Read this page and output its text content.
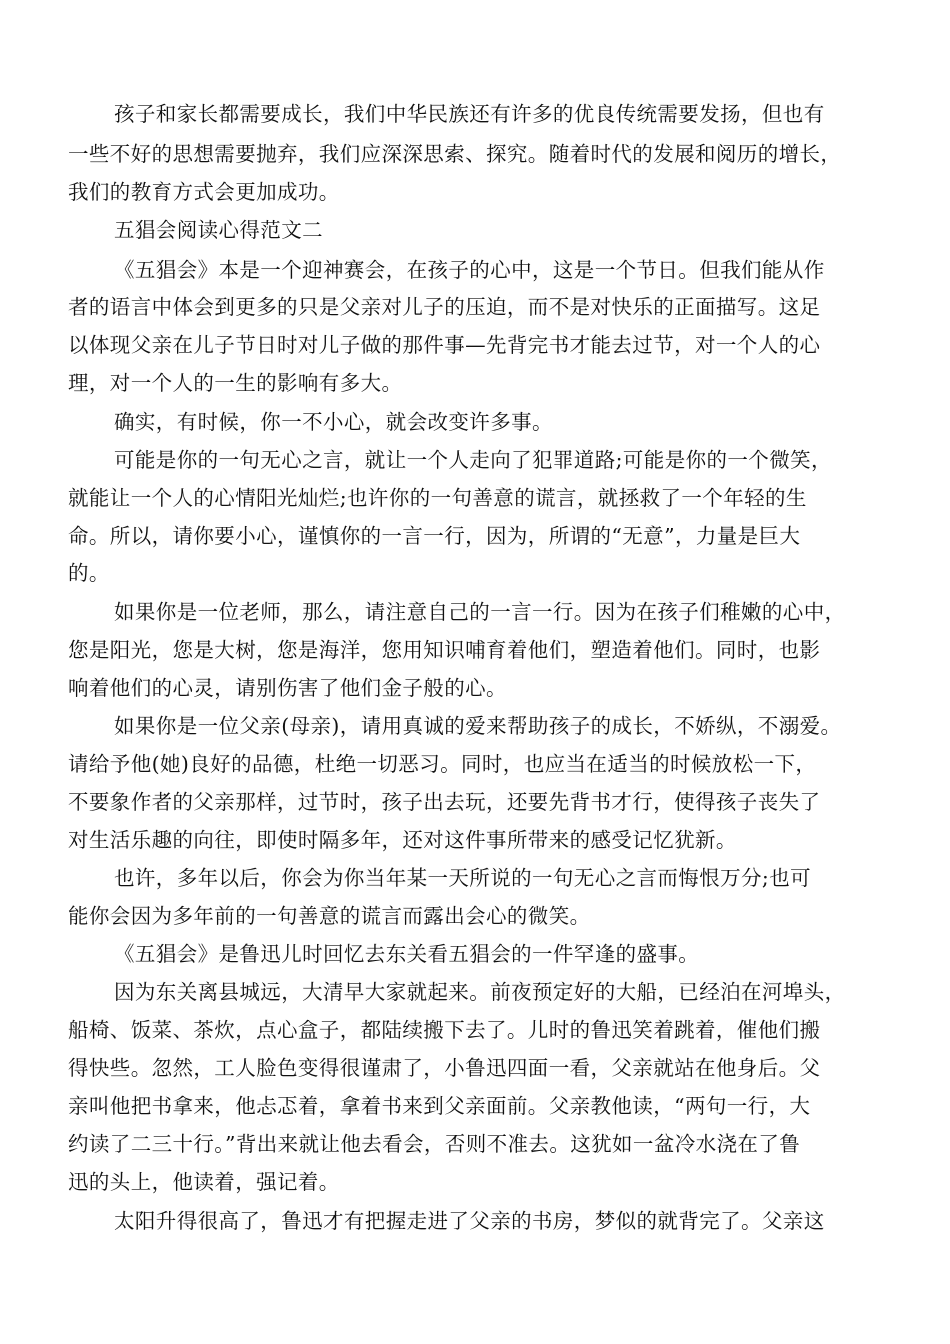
孩子和家长都需要成长，我们中华民族还有许多的优良传统需要发扬，但也有

一些不好的思想需要抛弃，我们应深深思索、探究。随着时代的发展和阅历的增长，

我们的教育方式会更加成功。

五猖会阅读心得范文二

《五猖会》本是一个迎神赛会，在孩子的心中，这是一个节日。但我们能从作

者的语言中体会到更多的只是父亲对儿子的压迫，而不是对快乐的正面描写。这足

以体现父亲在儿子节日时对儿子做的那件事—先背完书才能去过节，对一个人的心

理，对一个人的一生的影响有多大。

确实，有时候，你一不小心，就会改变许多事。

可能是你的一句无心之言，就让一个人走向了犯罪道路;可能是你的一个微笑，

就能让一个人的心情阳光灿烂;也许你的一句善意的谎言，就拯救了一个年轻的生

命。所以，请你要小心，谨慎你的一言一行，因为，所谓的“无意”，力量是巨大

的。

如果你是一位老师，那么，请注意自己的一言一行。因为在孩子们稚嫩的心中，

您是阳光，您是大树，您是海洋，您用知识哺育着他们，塑造着他们。同时，也影

响着他们的心灵，请别伤害了他们金子般的心。

如果你是一位父亲(母亲)，请用真诚的爱来帮助孩子的成长，不娇纵，不溺爱。

请给予他(她)良好的品德，杜绝一切恶习。同时，也应当在适当的时候放松一下，

不要象作者的父亲那样，过节时，孩子出去玩，还要先背书才行，使得孩子丧失了

对生活乐趣的向往，即使时隔多年，还对这件事所带来的感受记忆犹新。

也许，多年以后，你会为你当年某一天所说的一句无心之言而悔恨万分;也可

能你会因为多年前的一句善意的谎言而露出会心的微笑。

《五猖会》是鲁迅儿时回忆去东关看五猖会的一件罕逢的盛事。

因为东关离县城远，大清早大家就起来。前夜预定好的大船，已经泊在河埠头，

船椅、饭菜、茶炊，点心盒子，都陆续搬下去了。儿时的鲁迅笑着跳着，催他们搬

得快些。忽然，工人脸色变得很谨肃了，小鲁迅四面一看，父亲就站在他身后。父

亲叫他把书拿来，他忐忑着，拿着书来到父亲面前。父亲教他读，“两句一行，大

约读了二三十行。”背出来就让他去看会，否则不准去。这犹如一盆冷水浇在了鲁

迅的头上，他读着，强记着。

太阳升得很高了，鲁迅才有把握走进了父亲的书房，梦似的就背完了。父亲这
